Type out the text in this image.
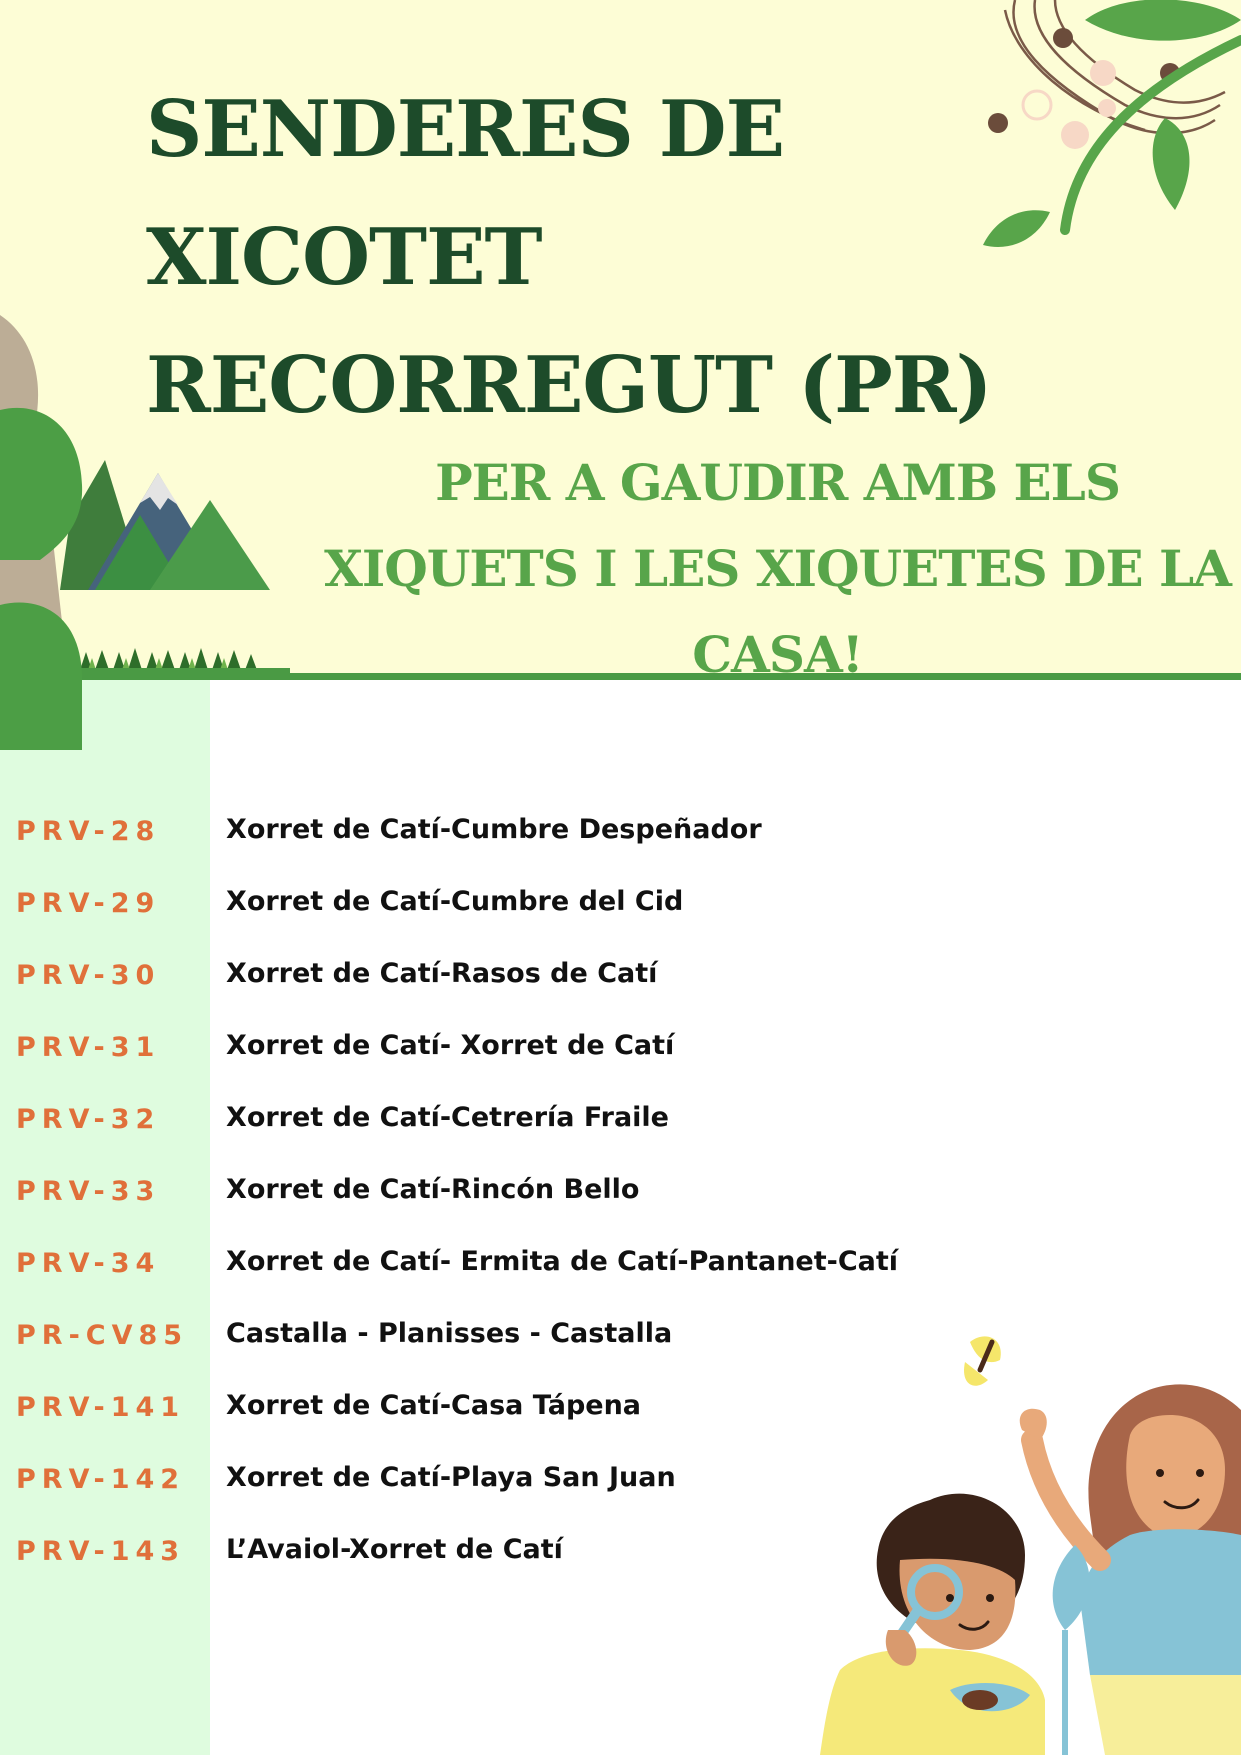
SENDERES DE
XICOTET
RECORREGUT (PR)
PER A GAUDIR AMB ELS
XIQUETS I LES XIQUETES DE LA
CASA!
PRV-28 Xorret de Catí-Cumbre Despeñador
PRV-29 Xorret de Catí-Cumbre del Cid
PRV-30 Xorret de Catí-Rasos de Catí
PRV-31 Xorret de Catí- Xorret de Catí
PRV-32 Xorret de Catí-Cetrería Fraile
PRV-33 Xorret de Catí-Rincón Bello
PRV-34 Xorret de Catí- Ermita de Catí-Pantanet-Catí
PR-CV85 Castalla - Planisses - Castalla
PRV-141 Xorret de Catí-Casa Tápena
PRV-142 Xorret de Catí-Playa San Juan
PRV-143 L’Avaiol-Xorret de Catí
